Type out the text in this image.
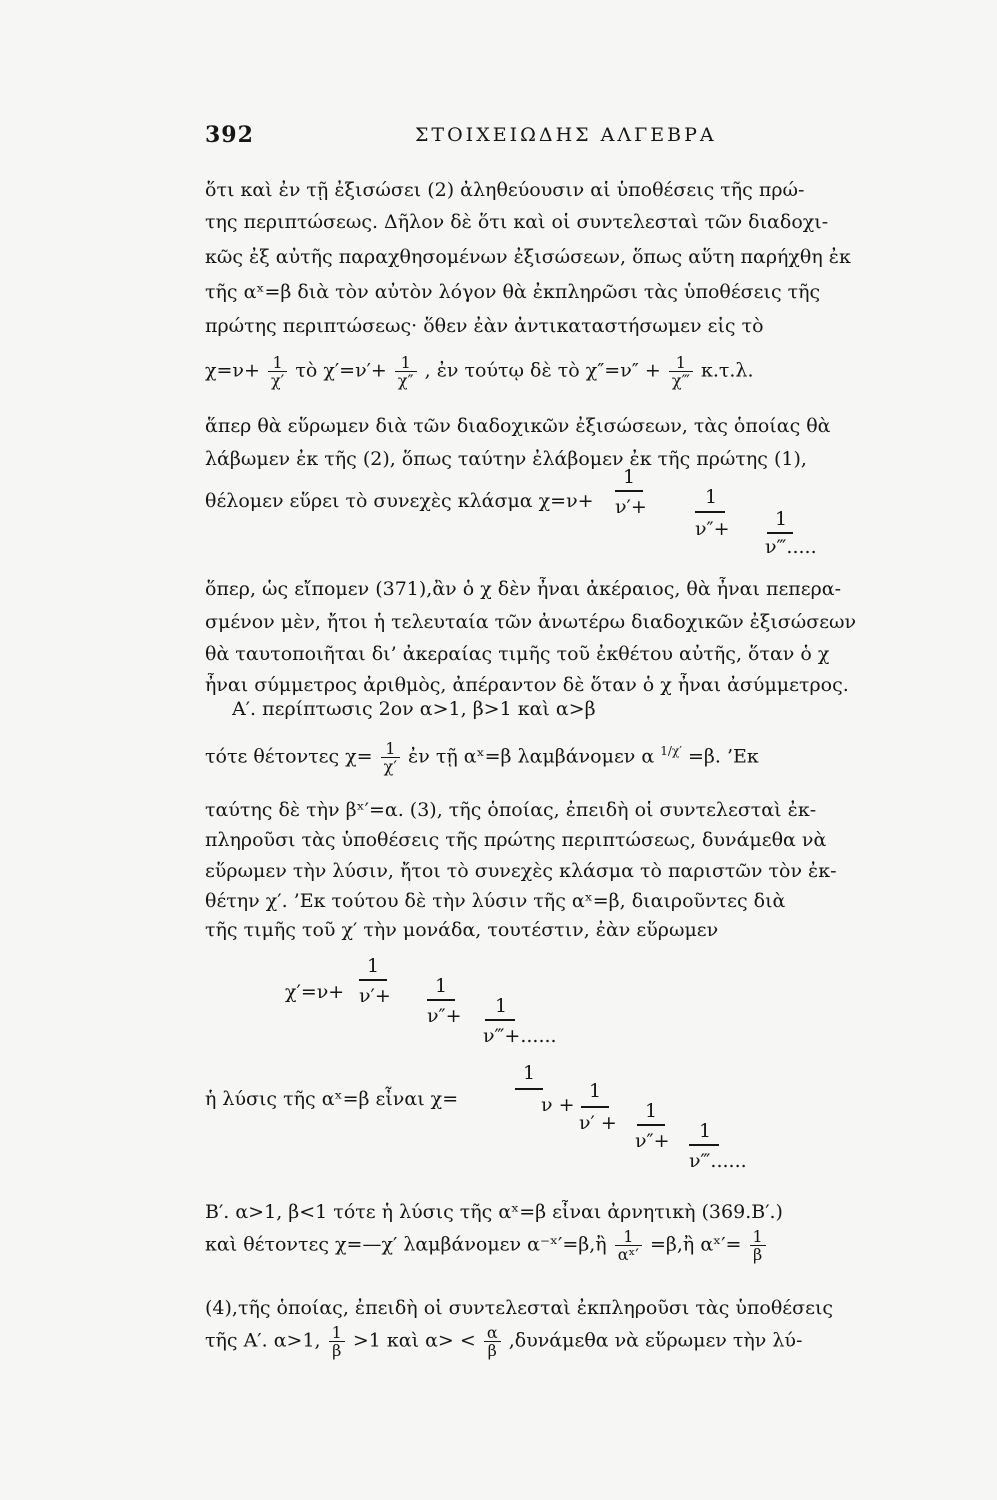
392	ΣΤΟΙΧΕΙΩΔΗΣ ΑΛΓΕΒΡΑ
ὅτι καὶ ἐν τῇ ἐξισώσει (2) ἀληθεύουσιν αἱ ὑποθέσεις τῆς πρώ-
της περιπτώσεως. Δῆλον δὲ ὅτι καὶ οἱ συντελεσταὶ τῶν διαδοχι-
κῶς ἐξ αὐτῆς παραχθησομένων ἐξισώσεων, ὅπως αὕτη παρήχθη ἐκ
τῆς αˣ=β διὰ τὸν αὐτὸν λόγον θὰ ἐκπληρῶσι τὰς ὑποθέσεις τῆς
πρώτης περιπτώσεως· ὅθεν ἐὰν ἀντικαταστήσωμεν εἰς τὸ
$\chi=\nu+ \frac{1}{\chi'}$ τὸ $\chi'=\nu'+ \frac{1}{\chi''}$ , ἐν τούτῳ δὲ τὸ $\chi''=\nu'' + \frac{1}{\chi‴} \kappa.\tau.\lambda$.
ἅπερ θὰ εὕρωμεν διὰ τῶν διαδοχικῶν ἐξισώσεων, τὰς ὁποίας θὰ
λάβωμεν ἐκ τῆς (2), ὅπως ταύτην ἐλάβομεν ἐκ τῆς πρώτης (1),
θέλομεν εὕρει τὸ συνεχὲς κλάσμα χ=ν+
1
ν′+	1
ν″+ 1
ν‴.....
ὅπερ, ὡς εἴπομεν (371),ἂν ὁ χ δὲν ἦναι ἀκέραιος, θὰ ἦναι πεπερα-
σμένον μὲν, ἤτοι ἡ τελευταία τῶν ἀνωτέρω διαδοχικῶν ἐξισώσεων
θὰ ταυτοποιῆται δι’ ἀκεραίας τιμῆς τοῦ ἐκθέτου αὐτῆς, ὅταν ὁ χ
ἦναι σύμμετρος ἀριθμὸς, ἀπέραντον δὲ ὅταν ὁ χ ἦναι ἀσύμμετρος.
Α′. περίπτωσις 2ον α>1, β>1 καὶ α>β
τότε θέτοντες $\chi= \frac{1}{\chi'}$ ἐν τῇ αˣ=β λαμβάνομεν α $^{1/\chi'}$ =β. ’Εκ
ταύτης δὲ τὴν βˣ′=α. (3), τῆς ὁποίας, ἐπειδὴ οἱ συντελεσταὶ ἐκ-
πληροῦσι τὰς ὑποθέσεις τῆς πρώτης περιπτώσεως, δυνάμεθα νὰ
εὕρωμεν τὴν λύσιν, ἤτοι τὸ συνεχὲς κλάσμα τὸ παριστῶν τὸν ἐκ-
θέτην χ′. ’Εκ τούτου δὲ τὴν λύσιν τῆς αˣ=β, διαιροῦντες διὰ
τῆς τιμῆς τοῦ χ′ τὴν μονάδα, τουτέστιν, ἐὰν εὕρωμεν
χ′=ν+
1
ν′+ 1
ν″+ 1
ν‴+......
ἡ λύσις τῆς αˣ=β εἶναι χ=
1
ν +
1
ν′ +
1
ν″+ 1
ν‴......
Β′. α>1, β<1 τότε ἡ λύσις τῆς αˣ=β εἶναι ἀρνητικὴ (369.Β′.)
καὶ θέτοντες χ=—χ′ λαμβάνομεν α⁻ˣ′=β,ἢ $\frac{1}{\text{αˣ′}}$ =β,ἢ αˣ′= $\frac{1}{\beta}$
(4),τῆς ὁποίας, ἐπειδὴ οἱ συντελεσταὶ ἐκπληροῦσι τὰς ὑποθέσεις
τῆς Α′. α>1, $\frac{1}{\beta} >1$ καὶ $\alpha> < \frac{\alpha}{\beta} ,\delta\upsilon\nu ά\mu\varepsilon\theta\alpha$ νὰ εὕρωμεν τὴν λύ-
